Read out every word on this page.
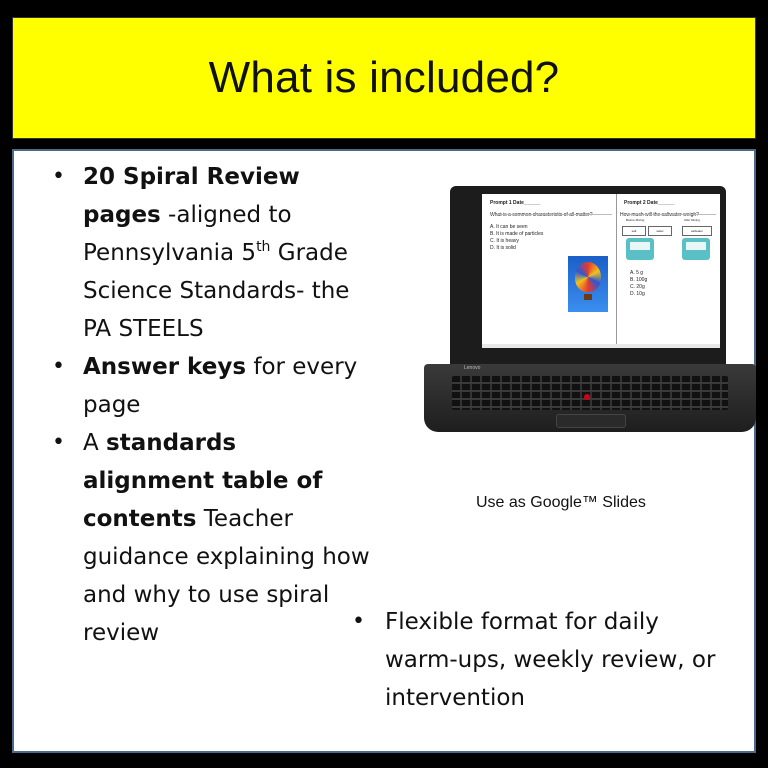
What is included?
• 20 Spiral Review pages -aligned to Pennsylvania 5th Grade Science Standards- the PA STEELS
• Answer keys for every page
• A standards alignment table of contents Teacher guidance explaining how and why to use spiral review
Prompt 1 Date______
What is a common characteristic of all matter?
A. It can be seen
B. It is made of particles
C. It is heavy
D. It is solid
Prompt 2 Date______
How much will the saltwater weigh?
Before Mixing	After Mixing
salt	water	saltwater
A. 5 g
B. 100g
C. 20g
D. 10g
Lenovo
Use as Google™ Slides
• Flexible format for daily warm-ups, weekly review, or intervention
